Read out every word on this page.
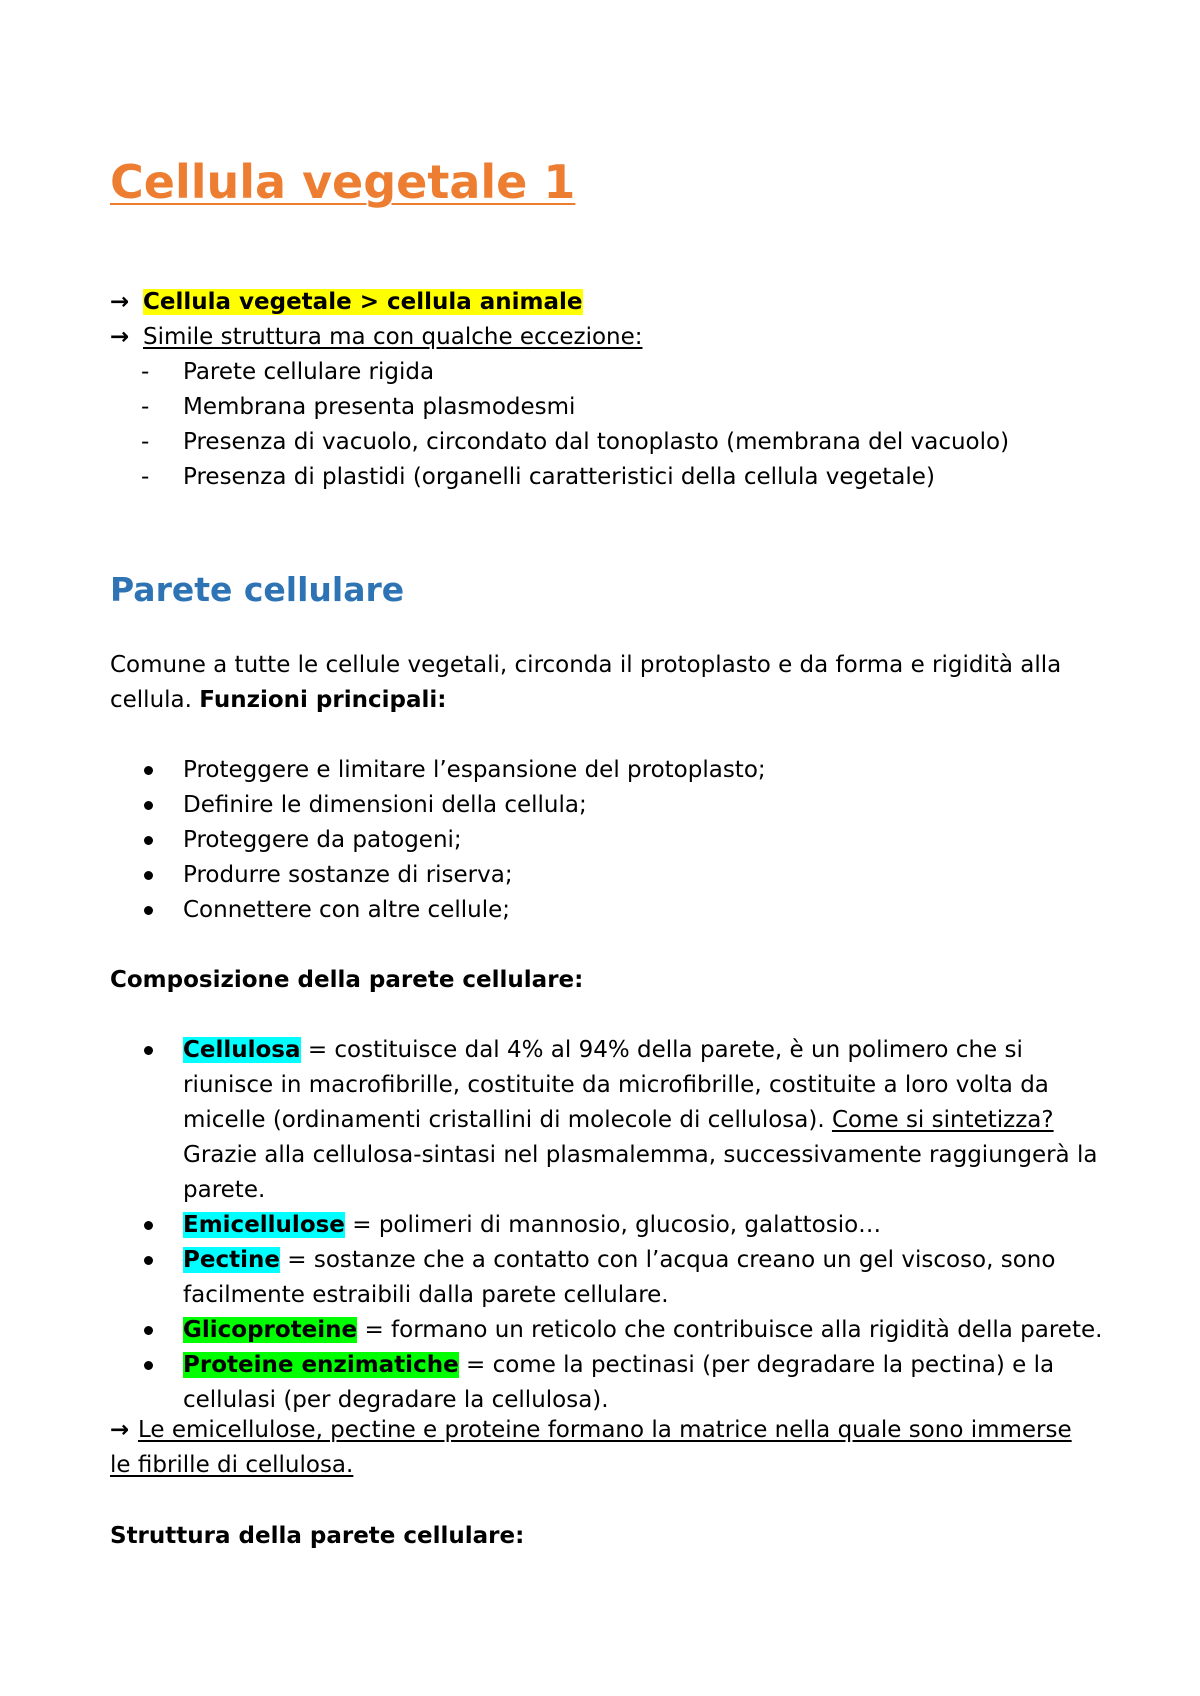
Cellula vegetale 1
→ Cellula vegetale > cellula animale
→ Simile struttura ma con qualche eccezione:
- Parete cellulare rigida
- Membrana presenta plasmodesmi
- Presenza di vacuolo, circondato dal tonoplasto (membrana del vacuolo)
- Presenza di plastidi (organelli caratteristici della cellula vegetale)
Parete cellulare
Comune a tutte le cellule vegetali, circonda il protoplasto e da forma e rigidità alla
cellula. Funzioni principali:
Proteggere e limitare l’espansione del protoplasto;
Definire le dimensioni della cellula;
Proteggere da patogeni;
Produrre sostanze di riserva;
Connettere con altre cellule;
Composizione della parete cellulare:
Cellulosa = costituisce dal 4% al 94% della parete, è un polimero che si riunisce in macrofibrille, costituite da microfibrille, costituite a loro volta da micelle (ordinamenti cristallini di molecole di cellulosa). Come si sintetizza? Grazie alla cellulosa-sintasi nel plasmalemma, successivamente raggiungerà la parete.
Emicellulose = polimeri di mannosio, glucosio, galattosio…
Pectine = sostanze che a contatto con l’acqua creano un gel viscoso, sono facilmente estraibili dalla parete cellulare.
Glicoproteine = formano un reticolo che contribuisce alla rigidità della parete.
Proteine enzimatiche = come la pectinasi (per degradare la pectina) e la cellulasi (per degradare la cellulosa).
→ Le emicellulose, pectine e proteine formano la matrice nella quale sono immerse
le fibrille di cellulosa.
Struttura della parete cellulare:
